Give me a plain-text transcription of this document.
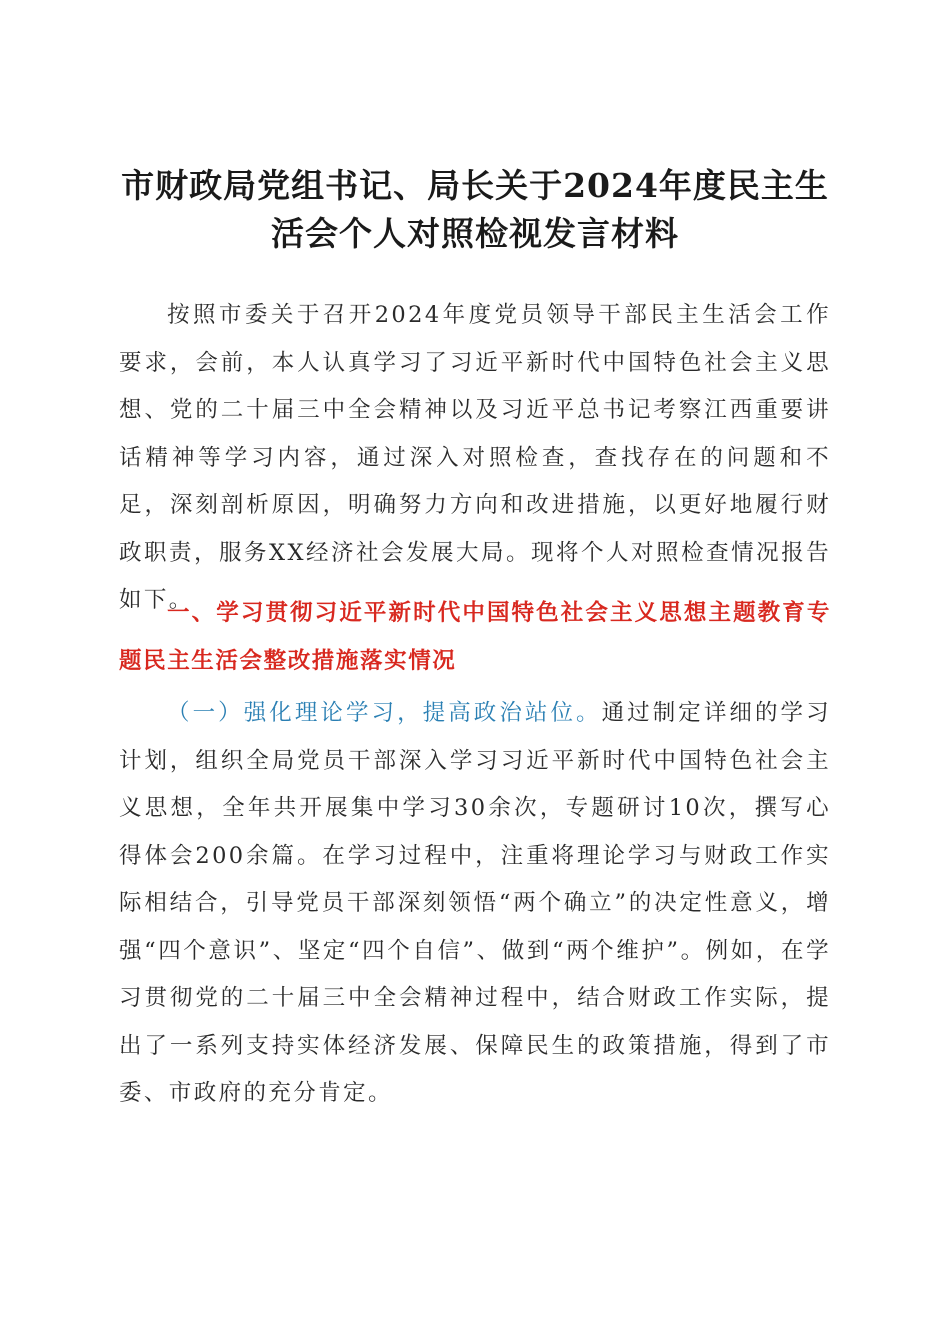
市财政局党组书记、局长关于2024年度民主生
活会个人对照检视发言材料

按照市委关于召开2024年度党员领导干部民主生活会工作要求，会前，本人认真学习了习近平新时代中国特色社会主义思想、党的二十届三中全会精神以及习近平总书记考察江西重要讲话精神等学习内容，通过深入对照检查，查找存在的问题和不足，深刻剖析原因，明确努力方向和改进措施，以更好地履行财政职责，服务XX经济社会发展大局。现将个人对照检查情况报告如下。

一、学习贯彻习近平新时代中国特色社会主义思想主题教育专题民主生活会整改措施落实情况

（一）强化理论学习，提高政治站位。通过制定详细的学习计划，组织全局党员干部深入学习习近平新时代中国特色社会主义思想，全年共开展集中学习30余次，专题研讨10次，撰写心得体会200余篇。在学习过程中，注重将理论学习与财政工作实际相结合，引导党员干部深刻领悟“两个确立”的决定性意义，增强“四个意识”、坚定“四个自信”、做到“两个维护”。例如，在学习贯彻党的二十届三中全会精神过程中，结合财政工作实际，提出了一系列支持实体经济发展、保障民生的政策措施，得到了市委、市政府的充分肯定。
